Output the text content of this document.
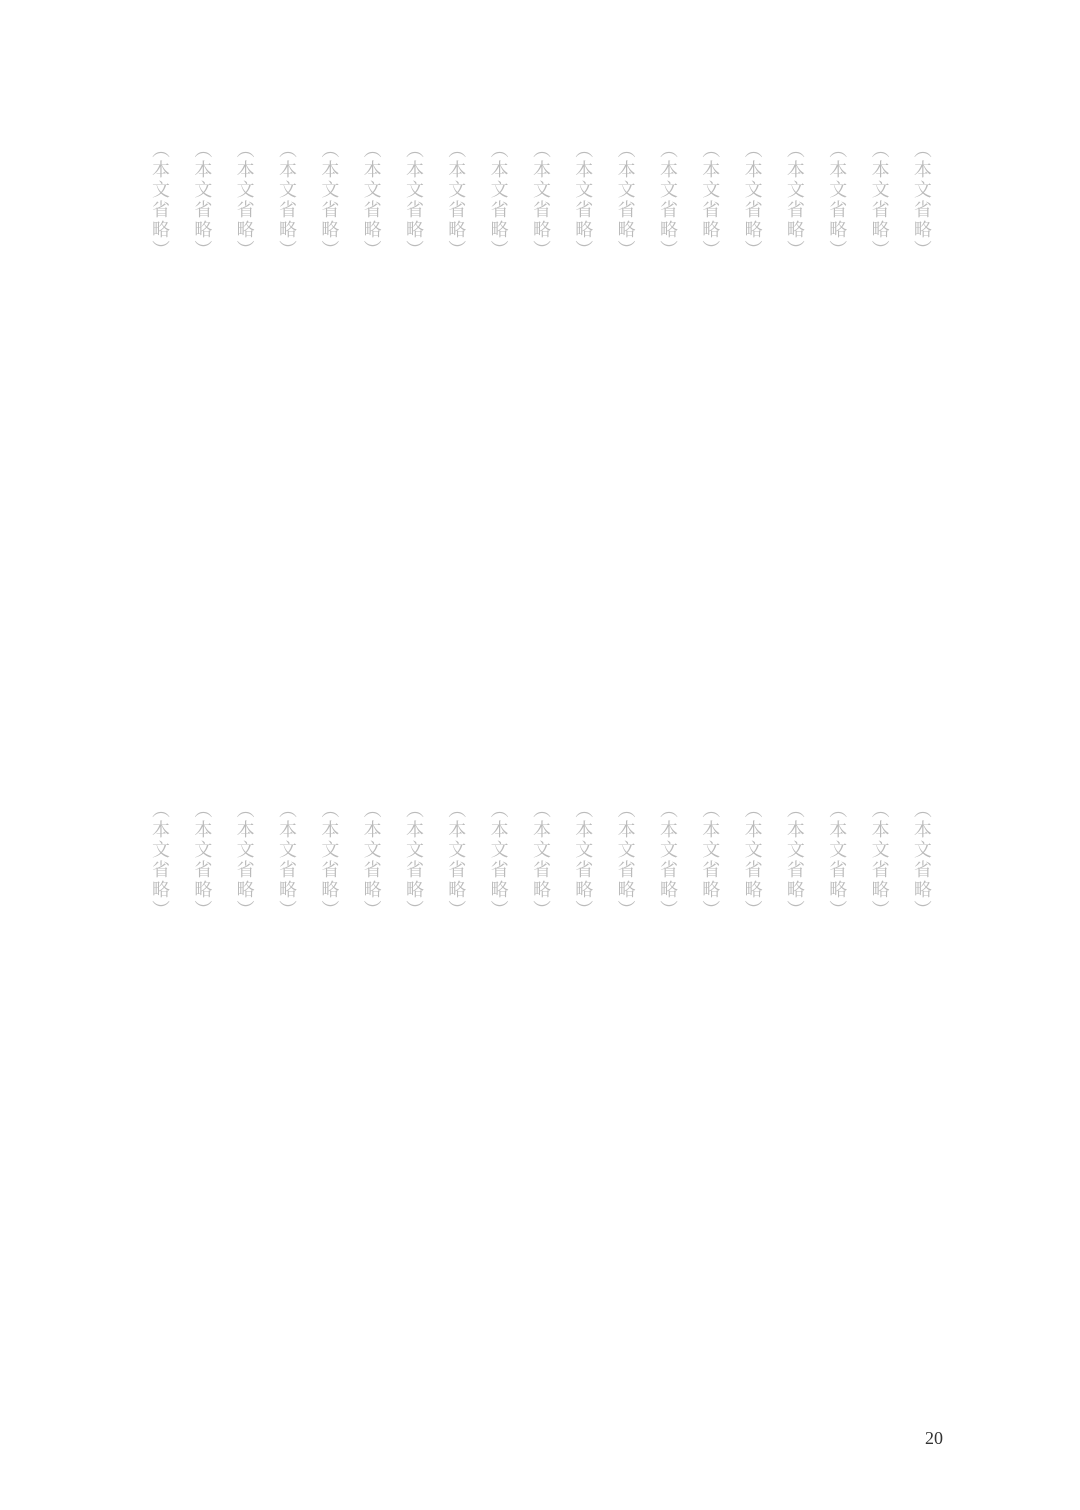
（本文省略）
（本文省略）
（本文省略）
（本文省略）
（本文省略）
（本文省略）
（本文省略）
（本文省略）
（本文省略）
（本文省略）
（本文省略）
（本文省略）
（本文省略）
（本文省略）
（本文省略）
（本文省略）
（本文省略）
（本文省略）
（本文省略）
（本文省略）
（本文省略）
（本文省略）
（本文省略）
（本文省略）
（本文省略）
（本文省略）
（本文省略）
（本文省略）
（本文省略）
（本文省略）
（本文省略）
（本文省略）
（本文省略）
（本文省略）
（本文省略）
（本文省略）
（本文省略）
（本文省略）
20
